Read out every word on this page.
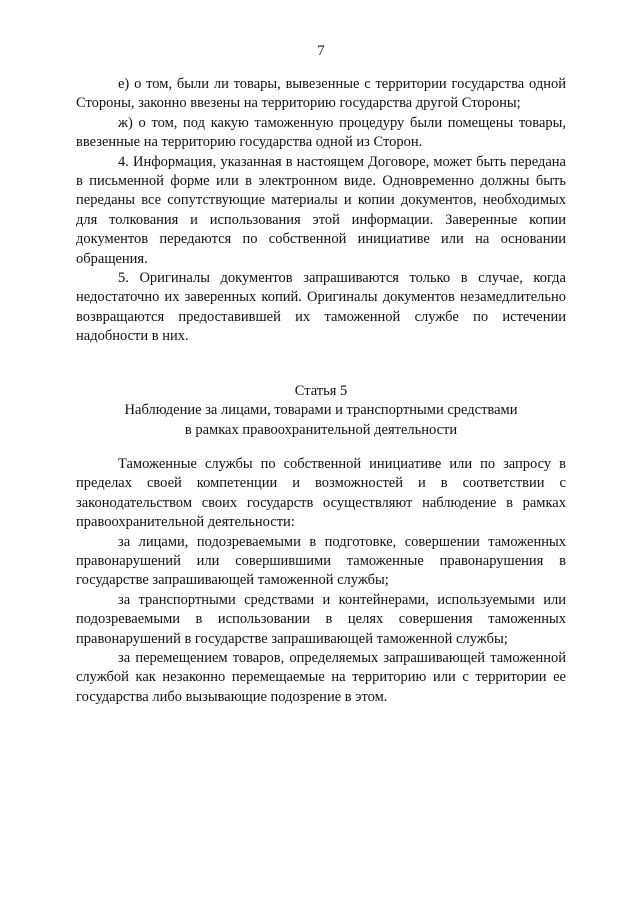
7

е) о том, были ли товары, вывезенные с территории государства одной Стороны, законно ввезены на территорию государства другой Стороны;

ж) о том, под какую таможенную процедуру были помещены товары, ввезенные на территорию государства одной из Сторон.

4. Информация, указанная в настоящем Договоре, может быть передана в письменной форме или в электронном виде. Одновременно должны быть переданы все сопутствующие материалы и копии документов, необходимых для толкования и использования этой информации. Заверенные копии документов передаются по собственной инициативе или на основании обращения.

5. Оригиналы документов запрашиваются только в случае, когда недостаточно их заверенных копий. Оригиналы документов незамедлительно возвращаются предоставившей их таможенной службе по истечении надобности в них.

Статья 5
Наблюдение за лицами, товарами и транспортными средствами
в рамках правоохранительной деятельности

Таможенные службы по собственной инициативе или по запросу в пределах своей компетенции и возможностей и в соответствии с законодательством своих государств осуществляют наблюдение в рамках правоохранительной деятельности:

за лицами, подозреваемыми в подготовке, совершении таможенных правонарушений или совершившими таможенные правонарушения в государстве запрашивающей таможенной службы;

за транспортными средствами и контейнерами, используемыми или подозреваемыми в использовании в целях совершения таможенных правонарушений в государстве запрашивающей таможенной службы;

за перемещением товаров, определяемых запрашивающей таможенной службой как незаконно перемещаемые на территорию или с территории ее государства либо вызывающие подозрение в этом.
